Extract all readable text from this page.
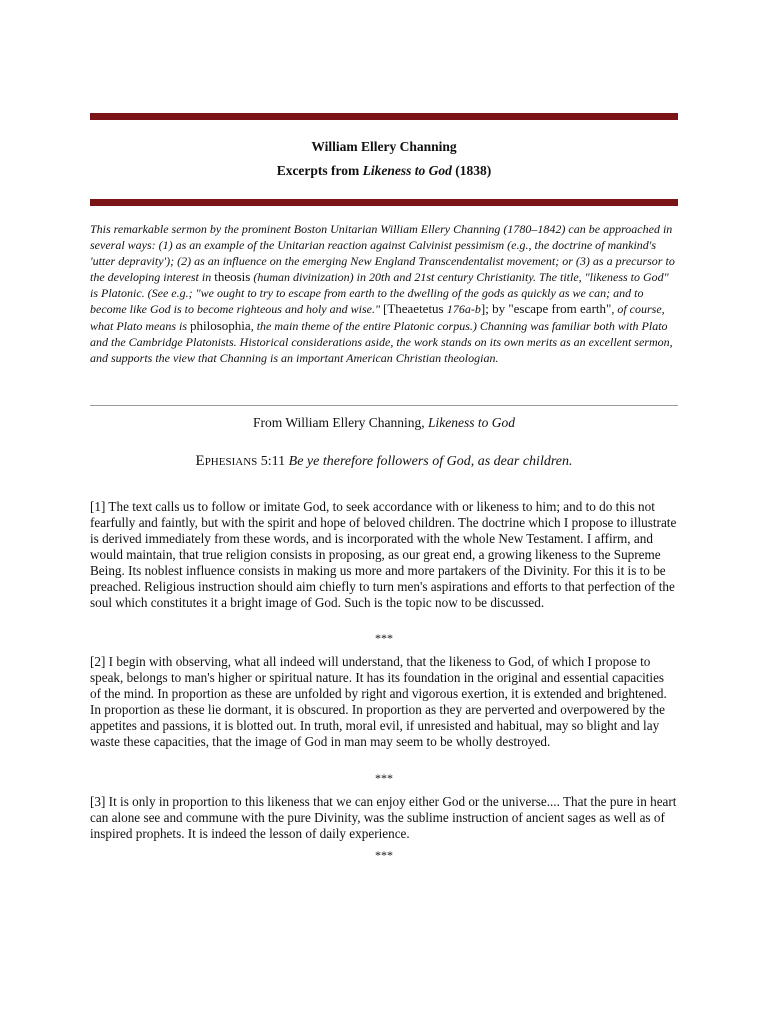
William Ellery Channing
Excerpts from Likeness to God (1838)

This remarkable sermon by the prominent Boston Unitarian William Ellery Channing (1780–1842) can be approached in several ways: (1) as an example of the Unitarian reaction against Calvinist pessimism (e.g., the doctrine of mankind's 'utter depravity'); (2) as an influence on the emerging New England Transcendentalist movement; or (3) as a precursor to the developing interest in theosis (human divinization) in 20th and 21st century Christianity. The title, "likeness to God" is Platonic. (See e.g.; "we ought to try to escape from earth to the dwelling of the gods as quickly as we can; and to become like God is to become righteous and holy and wise." [Theaetetus 176a-b]; by "escape from earth", of course, what Plato means is philosophia, the main theme of the entire Platonic corpus.) Channing was familiar both with Plato and the Cambridge Platonists. Historical considerations aside, the work stands on its own merits as an excellent sermon, and supports the view that Channing is an important American Christian theologian.

From William Ellery Channing, Likeness to God
EPHESIANS 5:11 Be ye therefore followers of God, as dear children.

[1] The text calls us to follow or imitate God, to seek accordance with or likeness to him; and to do this not fearfully and faintly, but with the spirit and hope of beloved children. The doctrine which I propose to illustrate is derived immediately from these words, and is incorporated with the whole New Testament. I affirm, and would maintain, that true religion consists in proposing, as our great end, a growing likeness to the Supreme Being. Its noblest influence consists in making us more and more partakers of the Divinity. For this it is to be preached. Religious instruction should aim chiefly to turn men's aspirations and efforts to that perfection of the soul which constitutes it a bright image of God. Such is the topic now to be discussed.

***

[2] I begin with observing, what all indeed will understand, that the likeness to God, of which I propose to speak, belongs to man's higher or spiritual nature. It has its foundation in the original and essential capacities of the mind. In proportion as these are unfolded by right and vigorous exertion, it is extended and brightened. In proportion as these lie dormant, it is obscured. In proportion as they are perverted and overpowered by the appetites and passions, it is blotted out. In truth, moral evil, if unresisted and habitual, may so blight and lay waste these capacities, that the image of God in man may seem to be wholly destroyed.

***

[3] It is only in proportion to this likeness that we can enjoy either God or the universe.... That the pure in heart can alone see and commune with the pure Divinity, was the sublime instruction of ancient sages as well as of inspired prophets. It is indeed the lesson of daily experience.

***
